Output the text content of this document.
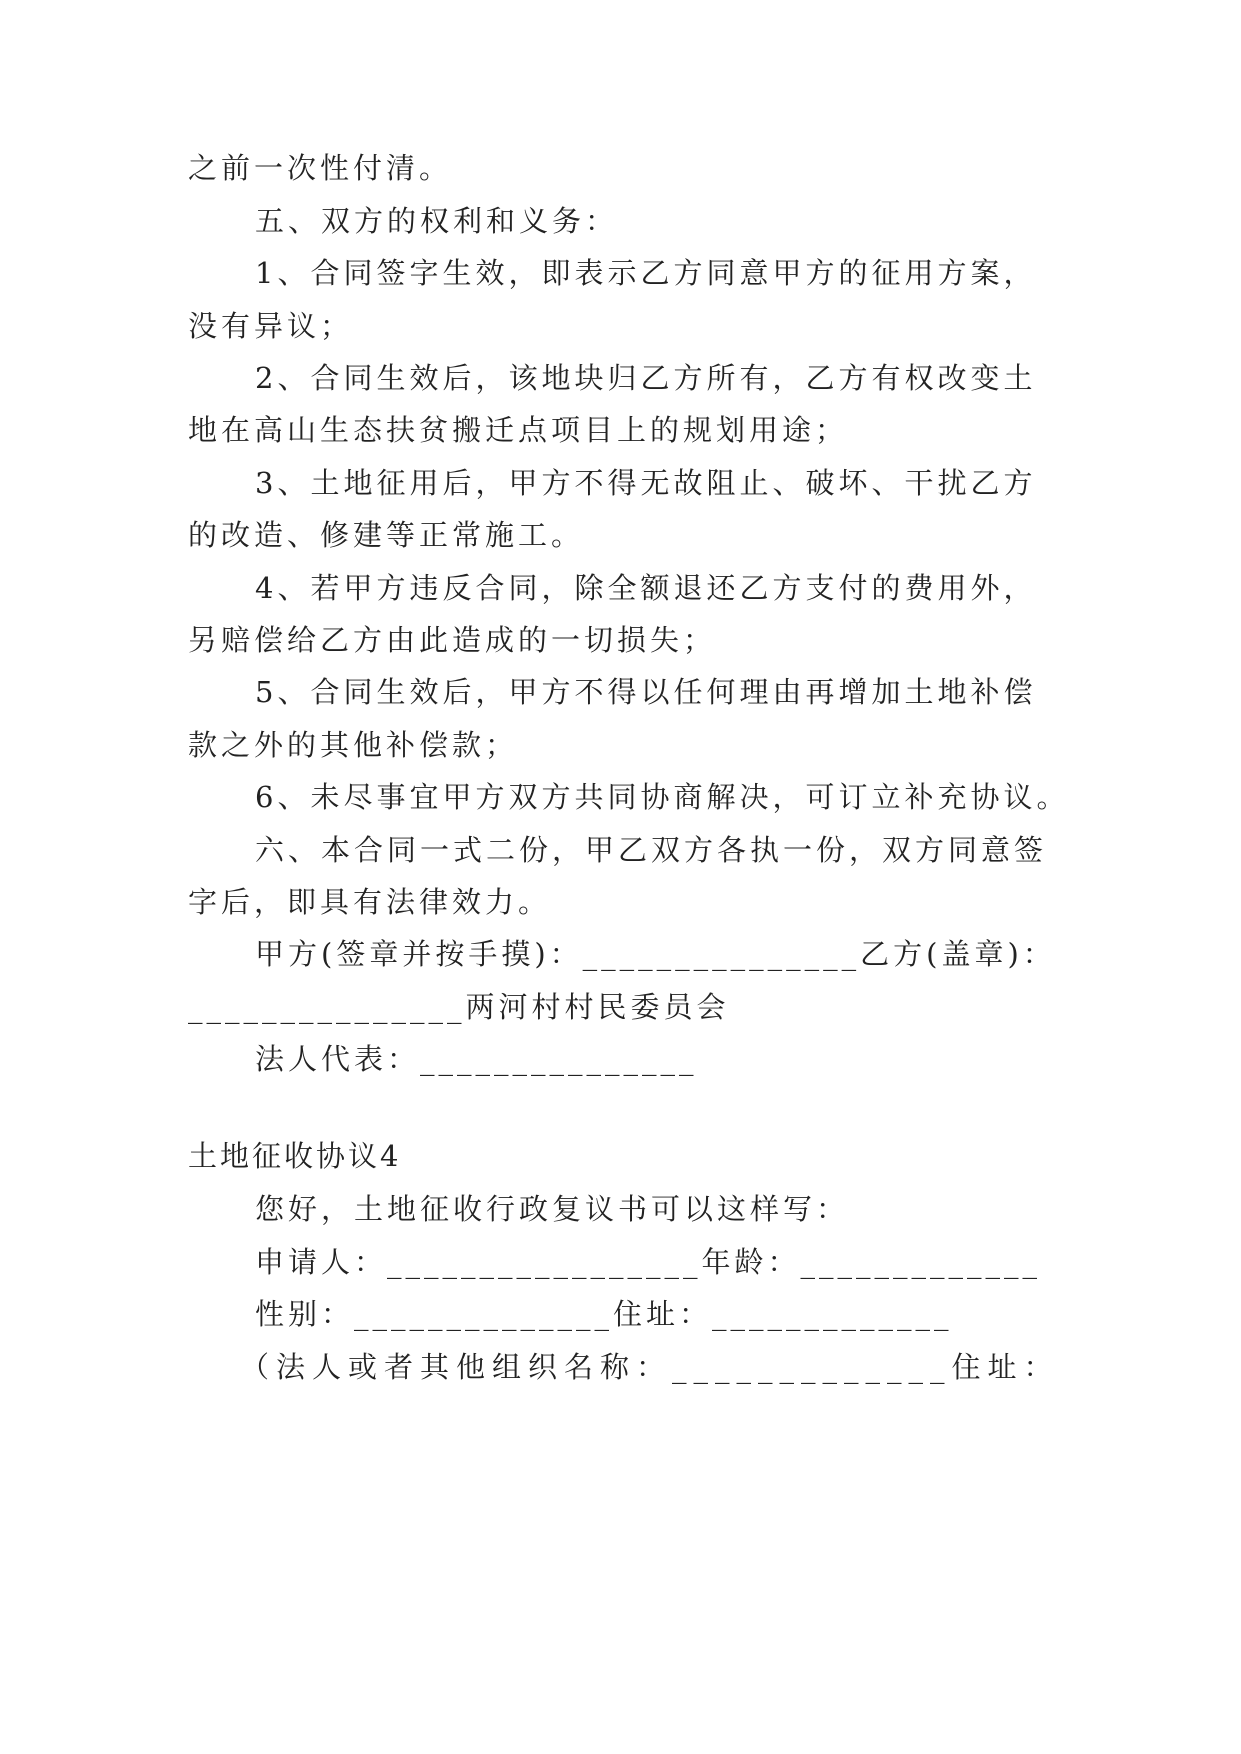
之前一次性付清。
五、双方的权利和义务：
1、合同签字生效，即表示乙方同意甲方的征用方案，
没有异议；
2、合同生效后，该地块归乙方所有，乙方有权改变土
地在高山生态扶贫搬迁点项目上的规划用途；
3、土地征用后，甲方不得无故阻止、破坏、干扰乙方
的改造、修建等正常施工。
4、若甲方违反合同，除全额退还乙方支付的费用外，
另赔偿给乙方由此造成的一切损失；
5、合同生效后，甲方不得以任何理由再增加土地补偿
款之外的其他补偿款；
6、未尽事宜甲方双方共同协商解决，可订立补充协议。
六、本合同一式二份，甲乙双方各执一份，双方同意签
字后，即具有法律效力。
甲方(签章并按手摸)：_______________乙方(盖章)：
_______________两河村村民委员会
法人代表：_______________
土地征收协议4
您好，土地征收行政复议书可以这样写：
申请人：_________________年龄：_____________
性别：______________住址：_____________
（法人或者其他组织名称：_____________住址：
